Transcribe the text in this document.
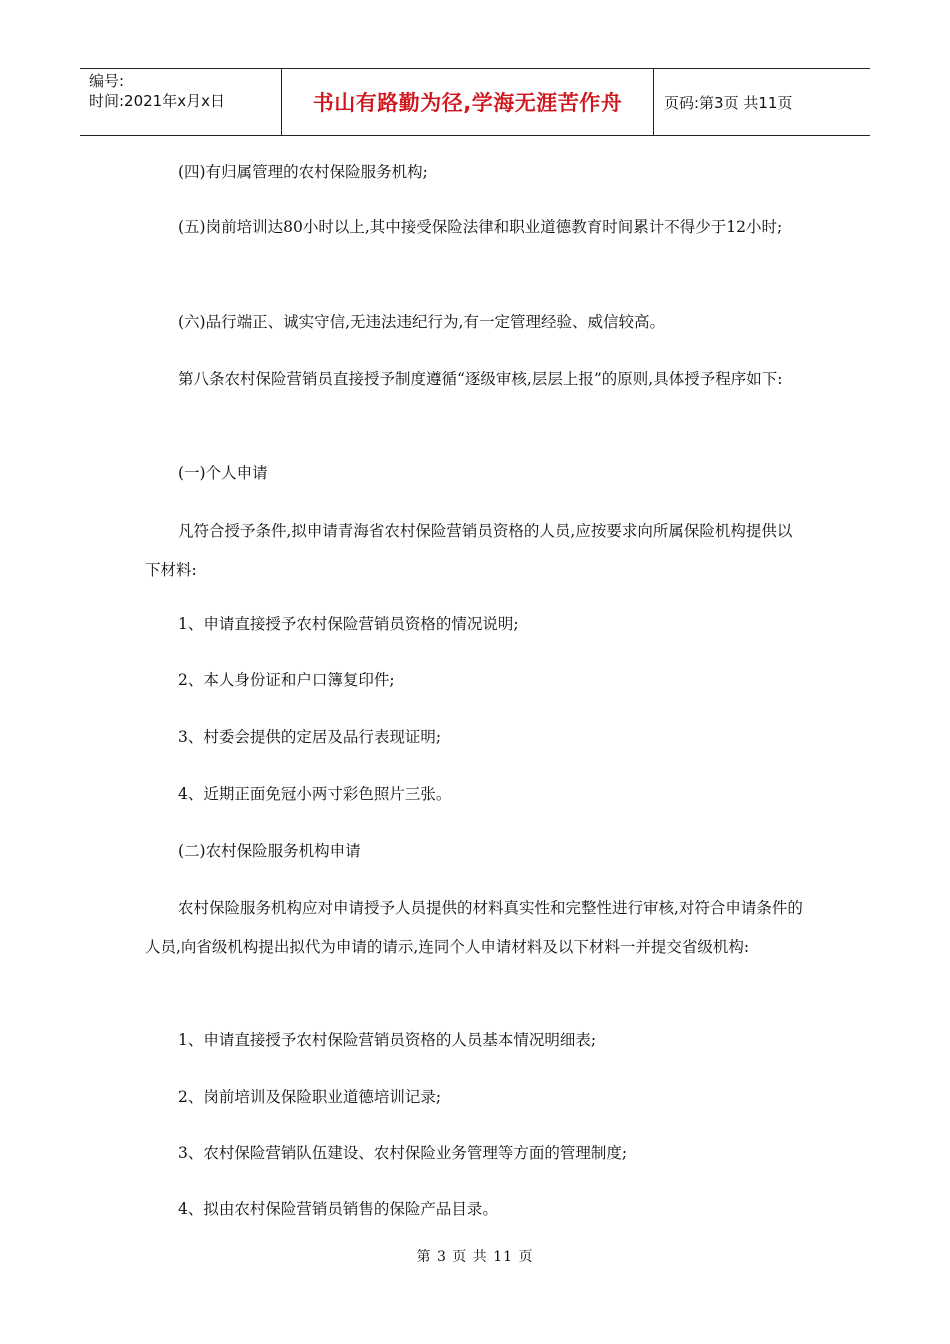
编号:
时间:2021年x月x日	书山有路勤为径,学海无涯苦作舟	页码:第3页 共11页
(四)有归属管理的农村保险服务机构;
(五)岗前培训达80小时以上,其中接受保险法律和职业道德教育时间累计不得少于12小时;
(六)品行端正、诚实守信,无违法违纪行为,有一定管理经验、威信较高。
第八条农村保险营销员直接授予制度遵循“逐级审核,层层上报”的原则,具体授予程序如下:
(一)个人申请
凡符合授予条件,拟申请青海省农村保险营销员资格的人员,应按要求向所属保险机构提供以下材料:
1、申请直接授予农村保险营销员资格的情况说明;
2、本人身份证和户口簿复印件;
3、村委会提供的定居及品行表现证明;
4、近期正面免冠小两寸彩色照片三张。
(二)农村保险服务机构申请
农村保险服务机构应对申请授予人员提供的材料真实性和完整性进行审核,对符合申请条件的人员,向省级机构提出拟代为申请的请示,连同个人申请材料及以下材料一并提交省级机构:
1、申请直接授予农村保险营销员资格的人员基本情况明细表;
2、岗前培训及保险职业道德培训记录;
3、农村保险营销队伍建设、农村保险业务管理等方面的管理制度;
4、拟由农村保险营销员销售的保险产品目录。
第 3 页 共 11 页
